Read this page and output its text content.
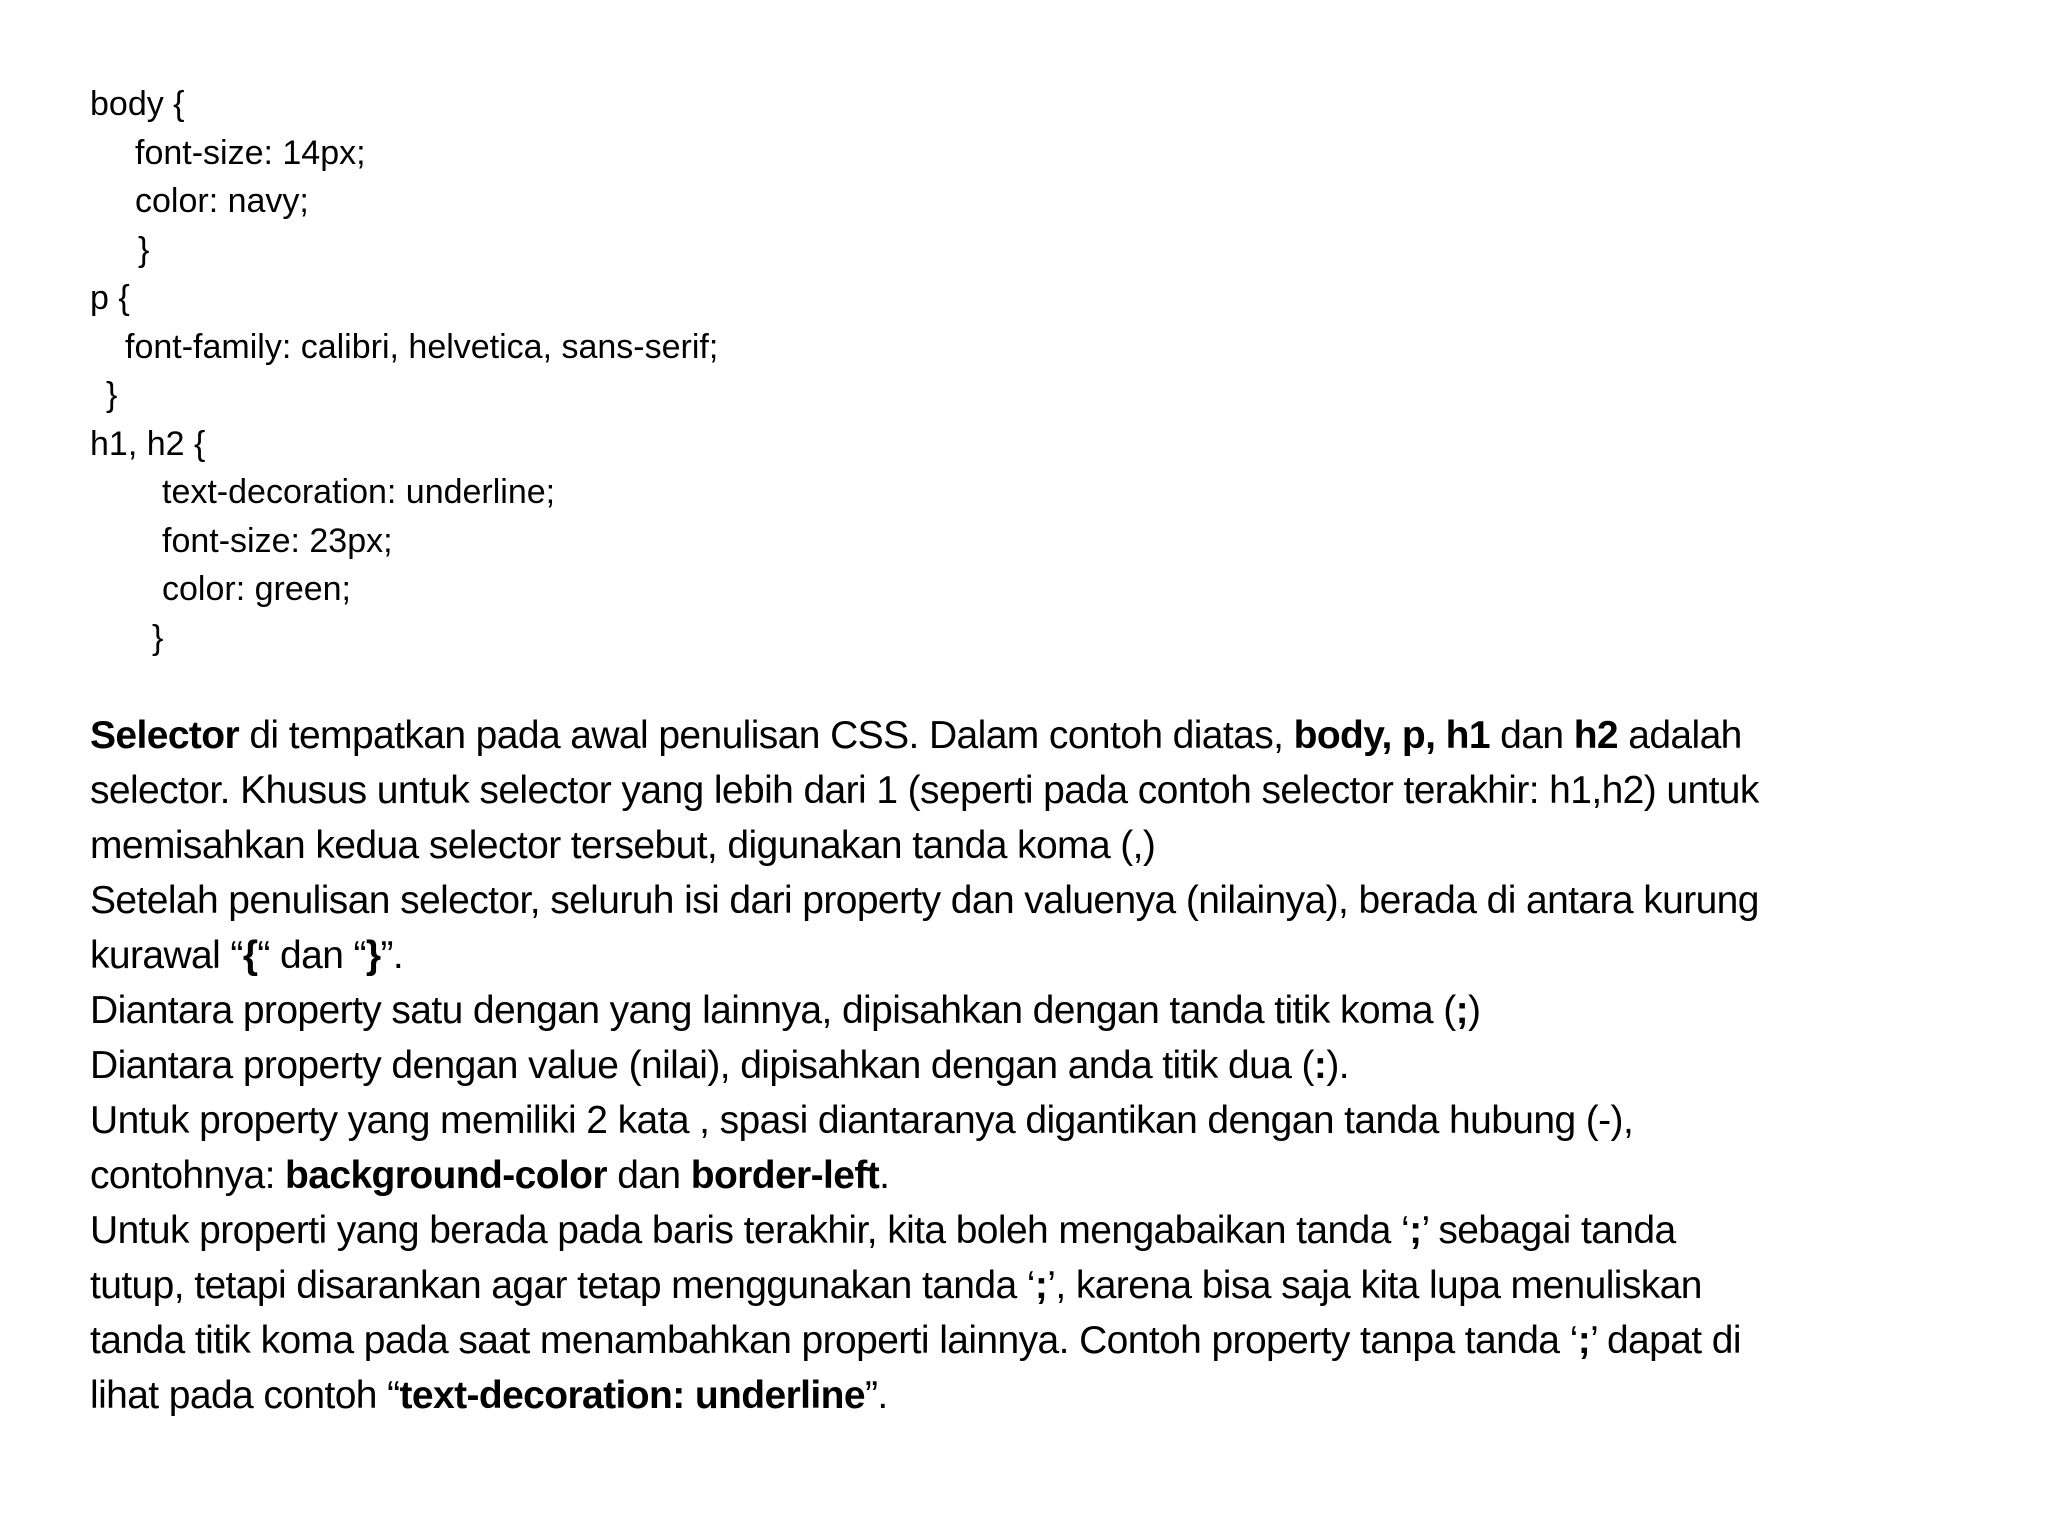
body {
font-size: 14px;
color: navy;
}
p {
font-family: calibri, helvetica, sans-serif;
}
h1, h2 {
text-decoration: underline;
font-size: 23px;
color: green;
}
Selector di tempatkan pada awal penulisan CSS. Dalam contoh diatas, body, p, h1 dan h2 adalah
selector. Khusus untuk selector yang lebih dari 1 (seperti pada contoh selector terakhir: h1,h2) untuk
memisahkan kedua selector tersebut, digunakan tanda koma (,)
Setelah penulisan selector, seluruh isi dari property dan valuenya (nilainya), berada di antara kurung
kurawal “{“ dan “}”.
Diantara property satu dengan yang lainnya, dipisahkan dengan tanda titik koma (;)
Diantara property dengan value (nilai), dipisahkan dengan anda titik dua (:).
Untuk property yang memiliki 2 kata , spasi diantaranya digantikan dengan tanda hubung (-),
contohnya: background-color dan border-left.
Untuk properti yang berada pada baris terakhir, kita boleh mengabaikan tanda ‘;’ sebagai tanda
tutup, tetapi disarankan agar tetap menggunakan tanda ‘;’, karena bisa saja kita lupa menuliskan
tanda titik koma pada saat menambahkan properti lainnya. Contoh property tanpa tanda ‘;’ dapat di
lihat pada contoh “text-decoration: underline”.
